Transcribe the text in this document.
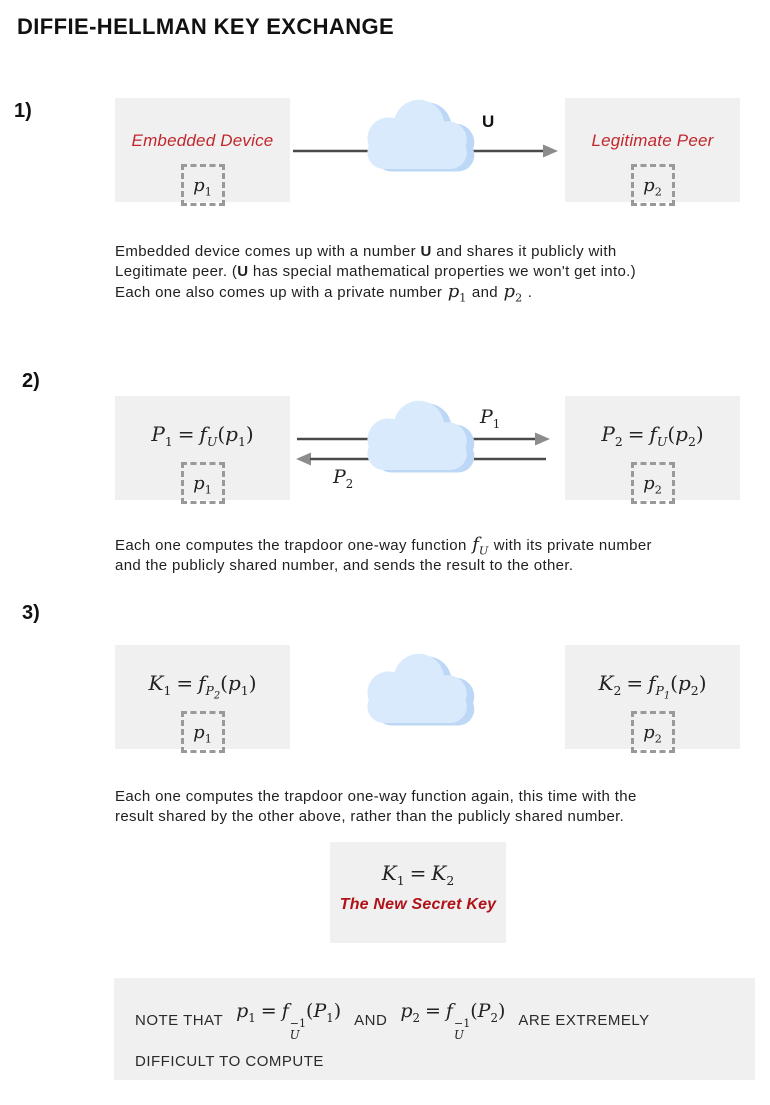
DIFFIE-HELLMAN KEY EXCHANGE
1)
Embedded Device
$p_1$
U
Legitimate Peer
$p_2$
Embedded device comes up with a number U and shares it publicly with
Legitimate peer. (U has special mathematical properties we won't get into.)
Each one also comes up with a private number $p_1$ and $p_2$ .
2)
$P_1 = f_U(p_1)$
$p_1$
$P_1$
$P_2$
$P_2 = f_U(p_2)$
$p_2$
Each one computes the trapdoor one-way function $f_U$ with its private number
and the publicly shared number, and sends the result to the other.
3)
$K_1 = f_{P_2}(p_1)$
$p_1$
$K_2 = f_{P_1}(p_2)$
$p_2$
Each one computes the trapdoor one-way function again, this time with the
result shared by the other above, rather than the publicly shared number.
$K_1 = K_2$
The New Secret Key
NOTE THAT $p_1 = f$
−1
U
$(P_1)$ AND $p_2 = f$
−1
U
$(P_2)$ ARE EXTREMELY
DIFFICULT TO COMPUTE
